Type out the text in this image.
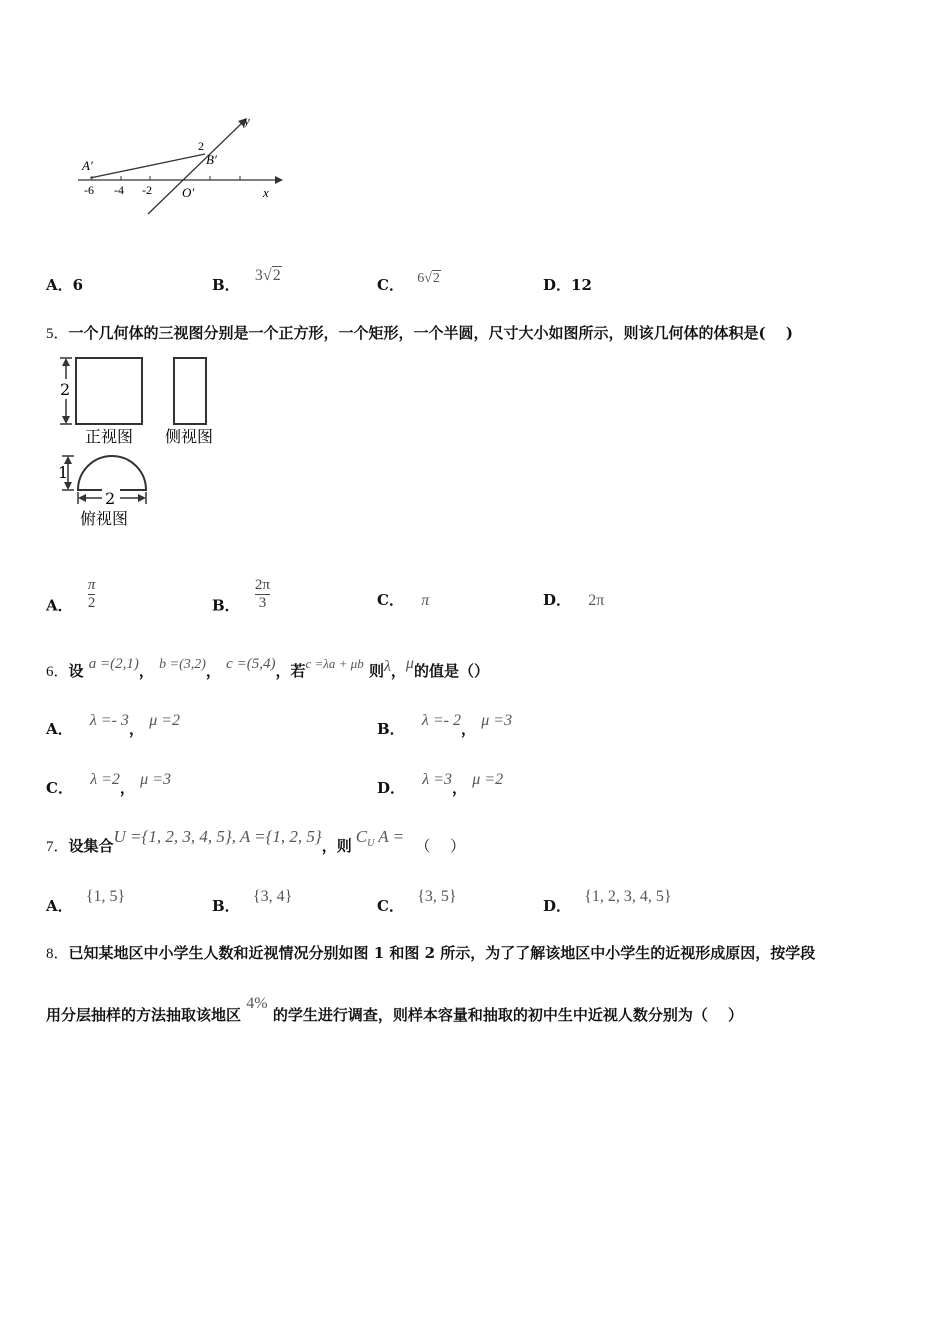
A′	B′
O′
y
x
2
-6 -4 -2
A．6	B． 3√2
C． 6√2	D．12
5．一个几何体的三视图分别是一个正方形，一个矩形，一个半圆，尺寸大小如图所示，则该几何体的体积是(　 )
2
正视图 侧视图
1
2
俯视图
A． $\frac{\pi}{2}$	B． $\frac{2\pi}{3}$	C． π	D． 2π
6．设 a =(2,1)， b =(3,2)， c =(5,4)，若c =λa + μb 则λ，μ的值是（）
A． λ =- 3， μ =2	B． λ =- 2， μ =3
C． λ =2， μ =3	D． λ =3， μ =2
7．设集合U ={1, 2, 3, 4, 5}, A ={1, 2, 5}，则 $C_U$ A = （　 ）
A． {1, 5}
B． {3, 4}
C． {3, 5}
D． {1, 2, 3, 4, 5}
8．已知某地区中小学生人数和近视情况分别如图 1 和图 2 所示，为了了解该地区中小学生的近视形成原因，按学段
用分层抽样的方法抽取该地区 4% 的学生进行调查，则样本容量和抽取的初中生中近视人数分别为（　 ）
